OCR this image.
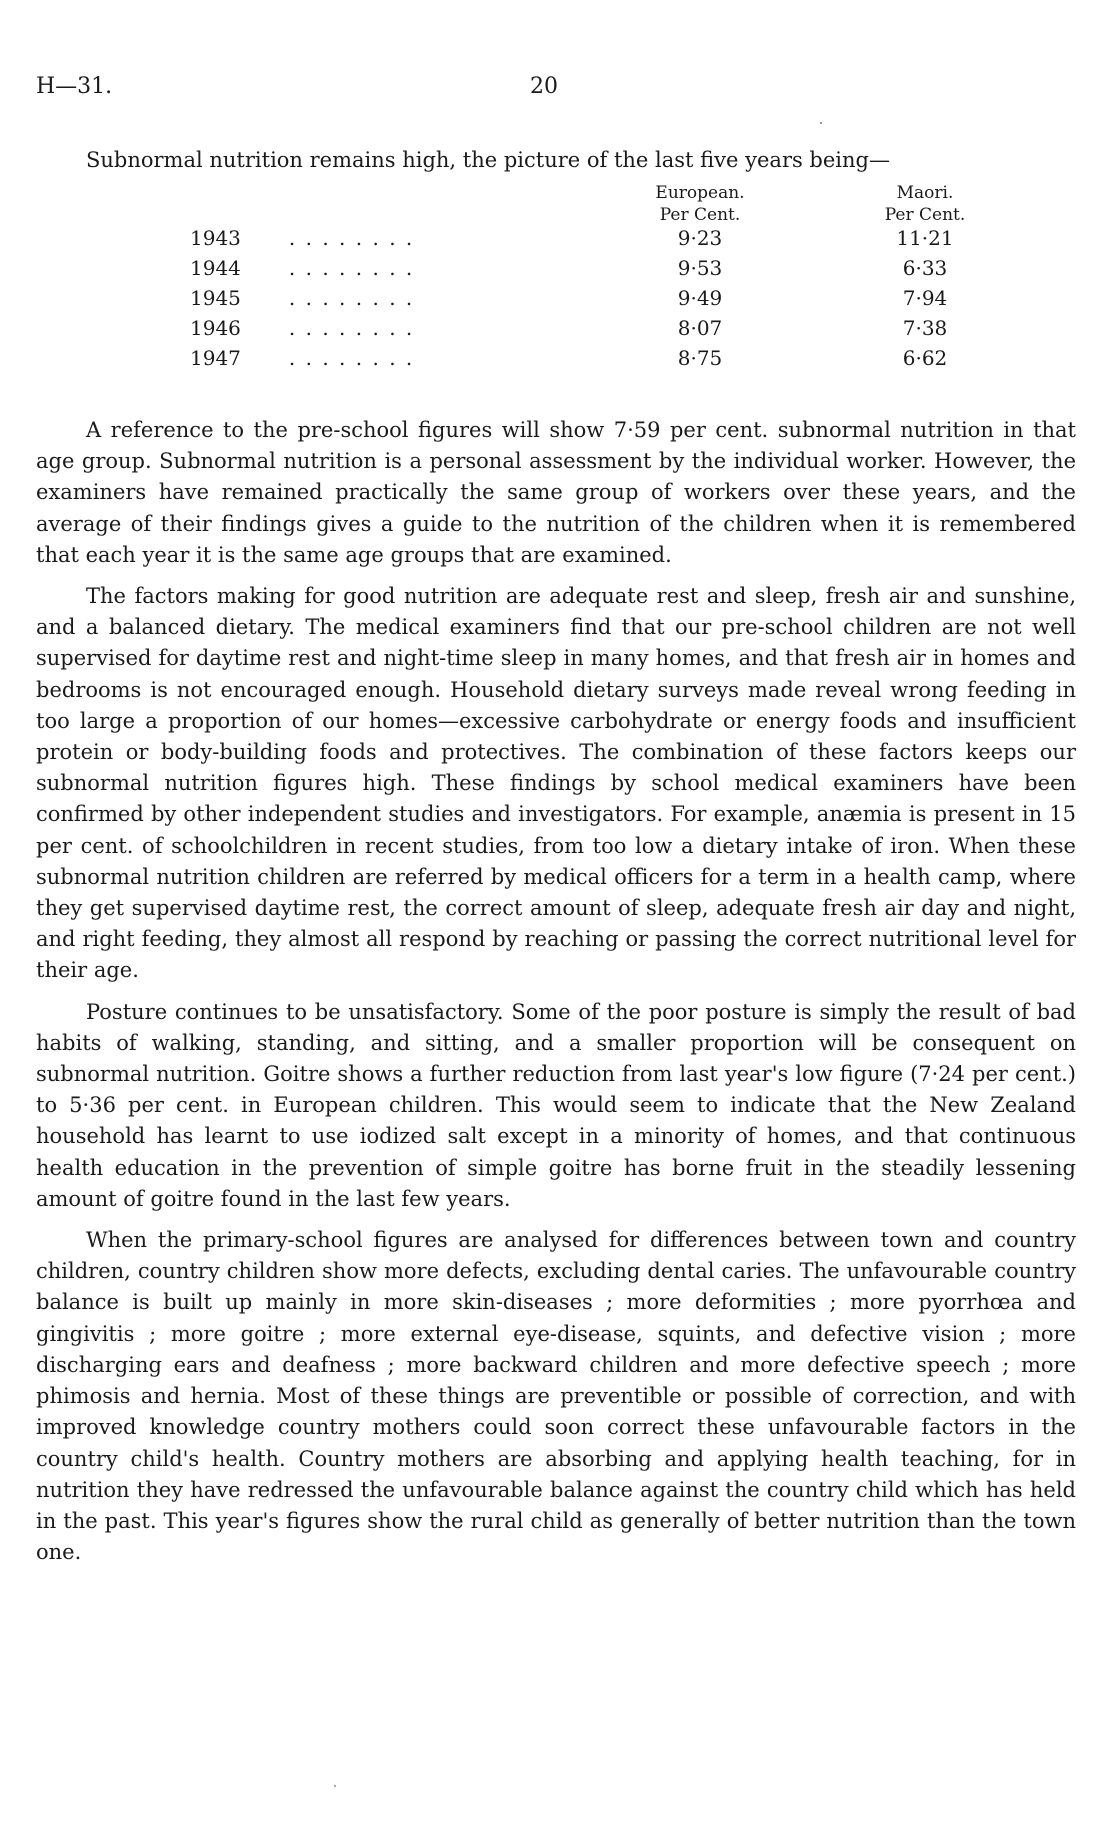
H—31.	20
Subnormal nutrition remains high, the picture of the last five years being—
		European.		Maori.
		Per Cent.		Per Cent.
	1943 . . . . . . . .	9·23		11·21
	1944 . . . . . . . .	9·53		6·33
	1945 . . . . . . . .	9·49		7·94
	1946 . . . . . . . .	8·07		7·38
	1947 . . . . . . . .	8·75		6·62

A reference to the pre-school figures will show 7·59 per cent. subnormal nutrition in that age group. Subnormal nutrition is a personal assessment by the individual worker. However, the examiners have remained practically the same group of workers over these years, and the average of their findings gives a guide to the nutrition of the children when it is remembered that each year it is the same age groups that are examined.

The factors making for good nutrition are adequate rest and sleep, fresh air and sunshine, and a balanced dietary. The medical examiners find that our pre-school children are not well supervised for daytime rest and night-time sleep in many homes, and that fresh air in homes and bedrooms is not encouraged enough. Household dietary surveys made reveal wrong feeding in too large a proportion of our homes—excessive carbohydrate or energy foods and insufficient protein or body-building foods and protectives. The combination of these factors keeps our subnormal nutrition figures high. These findings by school medical examiners have been confirmed by other independent studies and investigators. For example, anæmia is present in 15 per cent. of schoolchildren in recent studies, from too low a dietary intake of iron. When these subnormal nutrition children are referred by medical officers for a term in a health camp, where they get supervised daytime rest, the correct amount of sleep, adequate fresh air day and night, and right feeding, they almost all respond by reaching or passing the correct nutritional level for their age.

Posture continues to be unsatisfactory. Some of the poor posture is simply the result of bad habits of walking, standing, and sitting, and a smaller proportion will be consequent on subnormal nutrition. Goitre shows a further reduction from last year's low figure (7·24 per cent.) to 5·36 per cent. in European children. This would seem to indicate that the New Zealand household has learnt to use iodized salt except in a minority of homes, and that continuous health education in the prevention of simple goitre has borne fruit in the steadily lessening amount of goitre found in the last few years.

When the primary-school figures are analysed for differences between town and country children, country children show more defects, excluding dental caries. The unfavourable country balance is built up mainly in more skin-diseases ; more deformities ; more pyorrhœa and gingivitis ; more goitre ; more external eye-disease, squints, and defective vision ; more discharging ears and deafness ; more backward children and more defective speech ; more phimosis and hernia. Most of these things are preventible or possible of correction, and with improved knowledge country mothers could soon correct these unfavourable factors in the country child's health. Country mothers are absorbing and applying health teaching, for in nutrition they have redressed the unfavourable balance against the country child which has held in the past. This year's figures show the rural child as generally of better nutrition than the town one.
